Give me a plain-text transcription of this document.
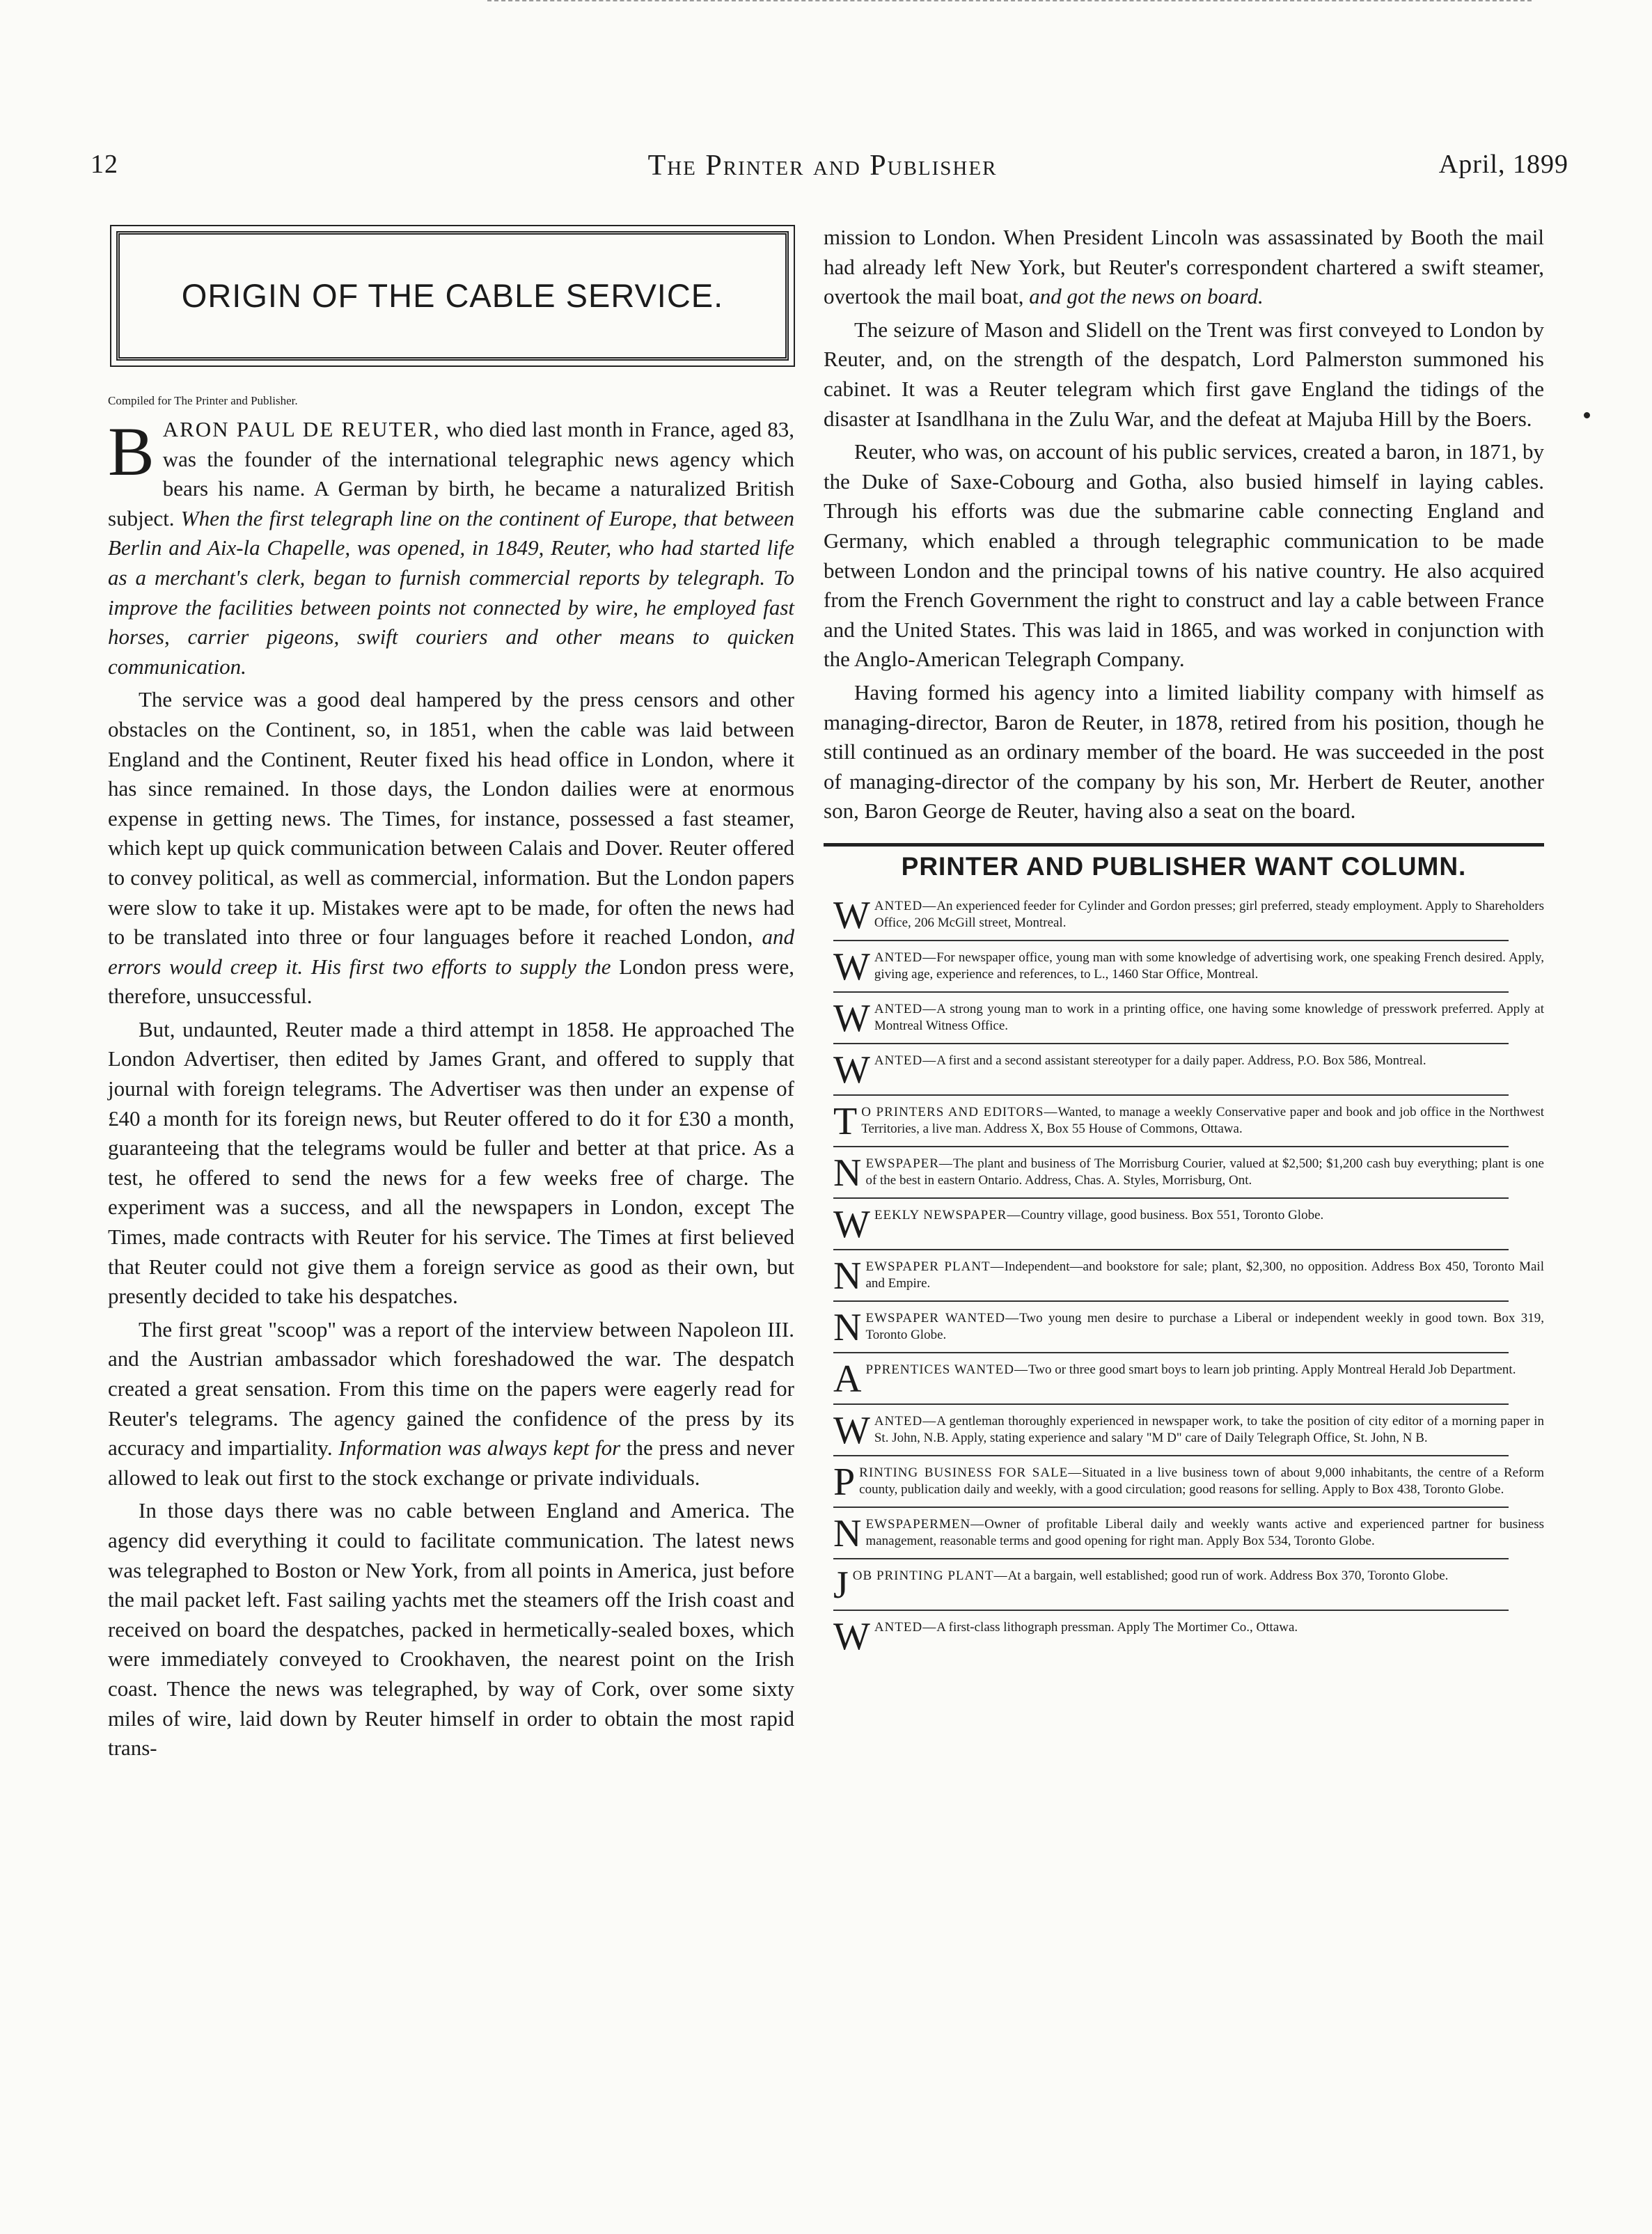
12	The Printer and Publisher	April, 1899
ORIGIN OF THE CABLE SERVICE.
Compiled for The Printer and Publisher.

BARON PAUL DE REUTER, who died last month in France, aged 83, was the founder of the international telegraphic news agency which bears his name. A German by birth, he became a naturalized British subject. When the first telegraph line on the continent of Europe, that between Berlin and Aix-la Chapelle, was opened, in 1849, Reuter, who had started life as a merchant's clerk, began to furnish commercial reports by telegraph. To improve the facilities between points not connected by wire, he employed fast horses, carrier pigeons, swift couriers and other means to quicken communication.

The service was a good deal hampered by the press censors and other obstacles on the Continent, so, in 1851, when the cable was laid between England and the Continent, Reuter fixed his head office in London, where it has since remained. In those days, the London dailies were at enormous expense in getting news. The Times, for instance, possessed a fast steamer, which kept up quick communication between Calais and Dover. Reuter offered to convey political, as well as commercial, information. But the London papers were slow to take it up. Mistakes were apt to be made, for often the news had to be translated into three or four languages before it reached London, and errors would creep it. His first two efforts to supply the London press were, therefore, unsuccessful.

But, undaunted, Reuter made a third attempt in 1858. He approached The London Advertiser, then edited by James Grant, and offered to supply that journal with foreign telegrams. The Advertiser was then under an expense of £40 a month for its foreign news, but Reuter offered to do it for £30 a month, guaranteeing that the telegrams would be fuller and better at that price. As a test, he offered to send the news for a few weeks free of charge. The experiment was a success, and all the newspapers in London, except The Times, made contracts with Reuter for his service. The Times at first believed that Reuter could not give them a foreign service as good as their own, but presently decided to take his despatches.

The first great "scoop" was a report of the interview between Napoleon III. and the Austrian ambassador which foreshadowed the war. The despatch created a great sensation. From this time on the papers were eagerly read for Reuter's telegrams. The agency gained the confidence of the press by its accuracy and impartiality. Information was always kept for the press and never allowed to leak out first to the stock exchange or private individuals.

In those days there was no cable between England and America. The agency did everything it could to facilitate communication. The latest news was telegraphed to Boston or New York, from all points in America, just before the mail packet left. Fast sailing yachts met the steamers off the Irish coast and received on board the despatches, packed in hermetically-sealed boxes, which were immediately conveyed to Crookhaven, the nearest point on the Irish coast. Thence the news was telegraphed, by way of Cork, over some sixty miles of wire, laid down by Reuter himself in order to obtain the most rapid trans-

mission to London. When President Lincoln was assassinated by Booth the mail had already left New York, but Reuter's correspondent chartered a swift steamer, overtook the mail boat, and got the news on board.

The seizure of Mason and Slidell on the Trent was first conveyed to London by Reuter, and, on the strength of the despatch, Lord Palmerston summoned his cabinet. It was a Reuter telegram which first gave England the tidings of the disaster at Isandlhana in the Zulu War, and the defeat at Majuba Hill by the Boers.

Reuter, who was, on account of his public services, created a baron, in 1871, by the Duke of Saxe-Cobourg and Gotha, also busied himself in laying cables. Through his efforts was due the submarine cable connecting England and Germany, which enabled a through telegraphic communication to be made between London and the principal towns of his native country. He also acquired from the French Government the right to construct and lay a cable between France and the United States. This was laid in 1865, and was worked in conjunction with the Anglo-American Telegraph Company.

Having formed his agency into a limited liability company with himself as managing-director, Baron de Reuter, in 1878, retired from his position, though he still continued as an ordinary member of the board. He was succeeded in the post of managing-director of the company by his son, Mr. Herbert de Reuter, another son, Baron George de Reuter, having also a seat on the board.

PRINTER AND PUBLISHER WANT COLUMN.
WANTED—An experienced feeder for Cylinder and Gordon presses; girl preferred, steady employment. Apply to Shareholders Office, 206 McGill street, Montreal.
WANTED—For newspaper office, young man with some knowledge of advertising work, one speaking French desired. Apply, giving age, experience and references, to L., 1460 Star Office, Montreal.
WANTED—A strong young man to work in a printing office, one having some knowledge of presswork preferred. Apply at Montreal Witness Office.
WANTED—A first and a second assistant stereotyper for a daily paper. Address, P.O. Box 586, Montreal.
T O PRINTERS AND EDITORS—Wanted, to manage a weekly Conservative paper and book and job office in the Northwest Territories, a live man. Address X, Box 55 House of Commons, Ottawa.
NEWSPAPER—The plant and business of The Morrisburg Courier, valued at $2,500; $1,200 cash buy everything; plant is one of the best in eastern Ontario. Address, Chas. A. Styles, Morrisburg, Ont.
WEEKLY NEWSPAPER—Country village, good business. Box 551, Toronto Globe.
NEWSPAPER PLANT—Independent—and bookstore for sale; plant, $2,300, no opposition. Address Box 450, Toronto Mail and Empire.
NEWSPAPER WANTED—Two young men desire to purchase a Liberal or independent weekly in good town. Box 319, Toronto Globe.
APPRENTICES WANTED—Two or three good smart boys to learn job printing. Apply Montreal Herald Job Department.
WANTED—A gentleman thoroughly experienced in newspaper work, to take the position of city editor of a morning paper in St. John, N.B. Apply, stating experience and salary "M D" care of Daily Telegraph Office, St. John, N B.
PRINTING BUSINESS FOR SALE—Situated in a live business town of about 9,000 inhabitants, the centre of a Reform county, publication daily and weekly, with a good circulation; good reasons for selling. Apply to Box 438, Toronto Globe.
NEWSPAPERMEN—Owner of profitable Liberal daily and weekly wants active and experienced partner for business management, reasonable terms and good opening for right man. Apply Box 534, Toronto Globe.
JOB PRINTING PLANT—At a bargain, well established; good run of work. Address Box 370, Toronto Globe.
WANTED—A first-class lithograph pressman. Apply The Mortimer Co., Ottawa.
